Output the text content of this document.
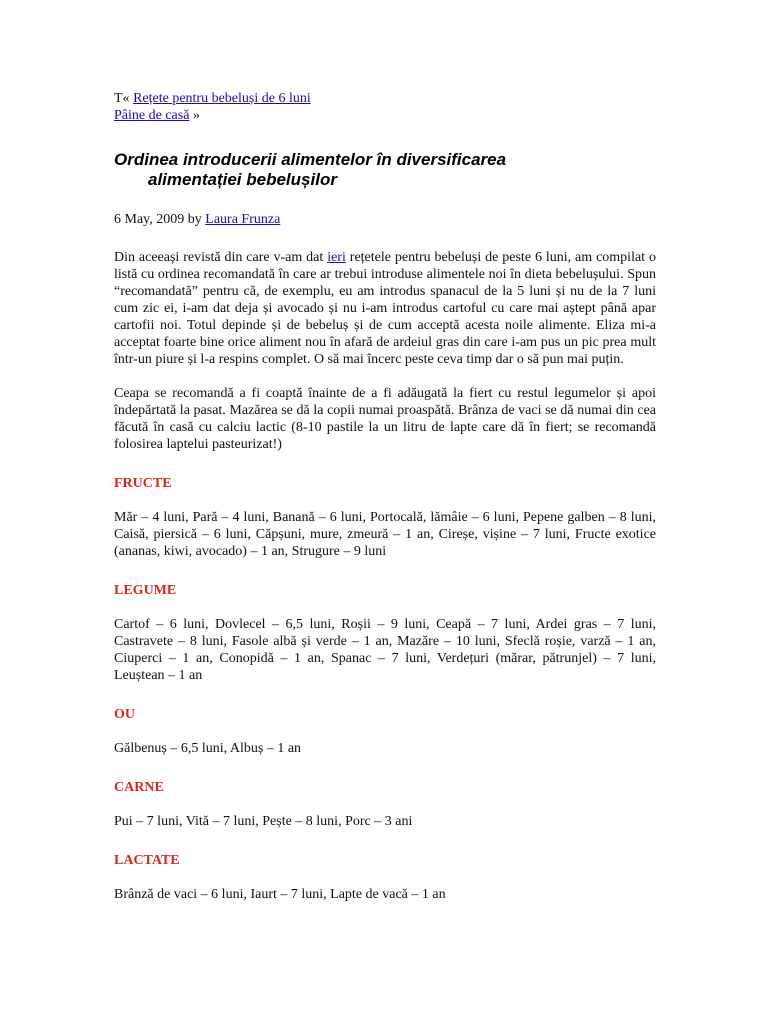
T« Rețete pentru bebeluși de 6 luni
Pâine de casă »
Ordinea introducerii alimentelor în diversificarea
alimentației bebelușilor
6 May, 2009 by Laura Frunza

Din aceeași revistă din care v-am dat ieri rețetele pentru bebeluși de peste 6 luni, am compilat o listă cu ordinea recomandată în care ar trebui introduse alimentele noi în dieta bebelușului. Spun “recomandată” pentru că, de exemplu, eu am introdus spanacul de la 5 luni și nu de la 7 luni cum zic ei, i-am dat deja și avocado și nu i-am introdus cartoful cu care mai aștept până apar cartofii noi. Totul depinde și de bebeluș și de cum acceptă acesta noile alimente. Eliza mi-a acceptat foarte bine orice aliment nou în afară de ardeiul gras din care i-am pus un pic prea mult într-un piure și l-a respins complet. O să mai încerc peste ceva timp dar o să pun mai puțin.

Ceapa se recomandă a fi coaptă înainte de a fi adăugată la fiert cu restul legumelor și apoi îndepărtată la pasat. Mazărea se dă la copii numai proaspătă. Brânza de vaci se dă numai din cea făcută în casă cu calciu lactic (8-10 pastile la un litru de lapte care dă în fiert; se recomandă folosirea laptelui pasteurizat!)

FRUCTE
Măr – 4 luni, Pară – 4 luni, Banană – 6 luni, Portocală, lămâie – 6 luni, Pepene galben – 8 luni, Caisă, piersică – 6 luni, Căpșuni, mure, zmeură – 1 an, Cireșe, vișine – 7 luni, Fructe exotice (ananas, kiwi, avocado) – 1 an, Strugure – 9 luni
LEGUME
Cartof – 6 luni, Dovlecel – 6,5 luni, Roșii – 9 luni, Ceapă – 7 luni, Ardei gras – 7 luni, Castravete – 8 luni, Fasole albă și verde – 1 an, Mazăre – 10 luni, Sfeclă roșie, varză – 1 an, Ciuperci – 1 an, Conopidă – 1 an, Spanac – 7 luni, Verdețuri (mărar, pătrunjel) – 7 luni, Leuștean – 1 an
OU
Gălbenuș – 6,5 luni, Albuș – 1 an
CARNE
Pui – 7 luni, Vită – 7 luni, Pește – 8 luni, Porc – 3 ani
LACTATE
Brânză de vaci – 6 luni, Iaurt – 7 luni, Lapte de vacă – 1 an
